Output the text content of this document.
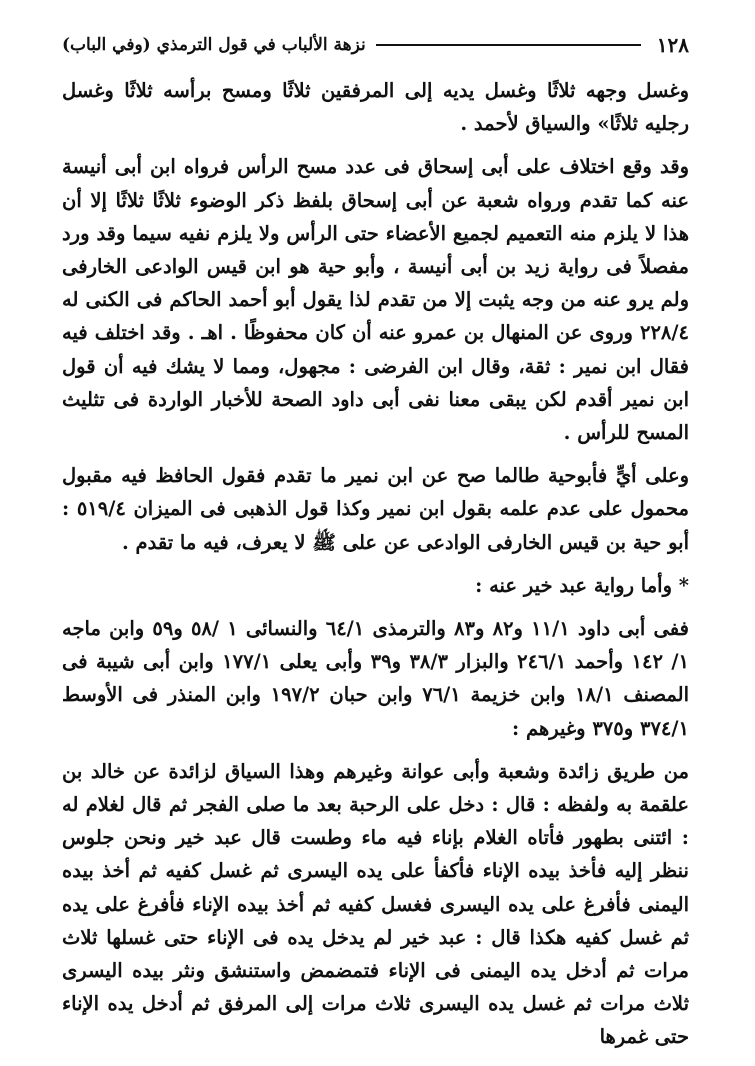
١٢٨
نزهة الألباب في قول الترمذي (وفي الباب)

وغسل وجهه ثلاثًا وغسل يديه إلى المرفقين ثلاثًا ومسح برأسه ثلاثًا وغسل رجليه ثلاثًا» والسياق لأحمد .

وقد وقع اختلاف على أبى إسحاق فى عدد مسح الرأس فرواه ابن أبى أنيسة عنه كما تقدم ورواه شعبة عن أبى إسحاق بلفظ ذكر الوضوء ثلاثًا ثلاثًا إلا أن هذا لا يلزم منه التعميم لجميع الأعضاء حتى الرأس ولا يلزم نفيه سيما وقد ورد مفصلاً فى رواية زيد بن أبى أنيسة ، وأبو حية هو ابن قيس الوادعى الخارفى ولم يرو عنه من وجه يثبت إلا من تقدم لذا يقول أبو أحمد الحاكم فى الكنى له ٢٢٨/٤ وروى عن المنهال بن عمرو عنه أن كان محفوظًا . اهـ . وقد اختلف فيه فقال ابن نمير : ثقة، وقال ابن الفرضى : مجهول، ومما لا يشك فيه أن قول ابن نمير أقدم لكن يبقى معنا نفى أبى داود الصحة للأخبار الواردة فى تثليث المسح للرأس .

وعلى أيٍّ فأبوحية طالما صح عن ابن نمير ما تقدم فقول الحافظ فيه مقبول محمول على عدم علمه بقول ابن نمير وكذا قول الذهبى فى الميزان ٥١٩/٤ : أبو حية بن قيس الخارفى الوادعى عن على ﷺ لا يعرف، فيه ما تقدم .

* وأما رواية عبد خير عنه :

ففى أبى داود ١١/١ و٨٢ و٨٣ والترمذى ٦٤/١ والنسائى ١ /٥٨ و٥٩ وابن ماجه ١/ ١٤٢ وأحمد ٢٤٦/١ والبزار ٣٨/٣ و٣٩ وأبى يعلى ١٧٧/١ وابن أبى شيبة فى المصنف ١٨/١ وابن خزيمة ٧٦/١ وابن حبان ١٩٧/٢ وابن المنذر فى الأوسط ٣٧٤/١ و٣٧٥ وغيرهم :

من طريق زائدة وشعبة وأبى عوانة وغيرهم وهذا السياق لزائدة عن خالد بن علقمة به ولفظه : قال : دخل على الرحبة بعد ما صلى الفجر ثم قال لغلام له : ائتنى بطهور فأتاه الغلام بإناء فيه ماء وطست قال عبد خير ونحن جلوس ننظر إليه فأخذ بيده الإناء فأكفأ على يده اليسرى ثم غسل كفيه ثم أخذ بيده اليمنى فأفرغ على يده اليسرى فغسل كفيه ثم أخذ بيده الإناء فأفرغ على يده ثم غسل كفيه هكذا قال : عبد خير لم يدخل يده فى الإناء حتى غسلها ثلاث مرات ثم أدخل يده اليمنى فى الإناء فتمضمض واستنشق ونثر بيده اليسرى ثلاث مرات ثم غسل يده اليسرى ثلاث مرات إلى المرفق ثم أدخل يده الإناء حتى غمرها
